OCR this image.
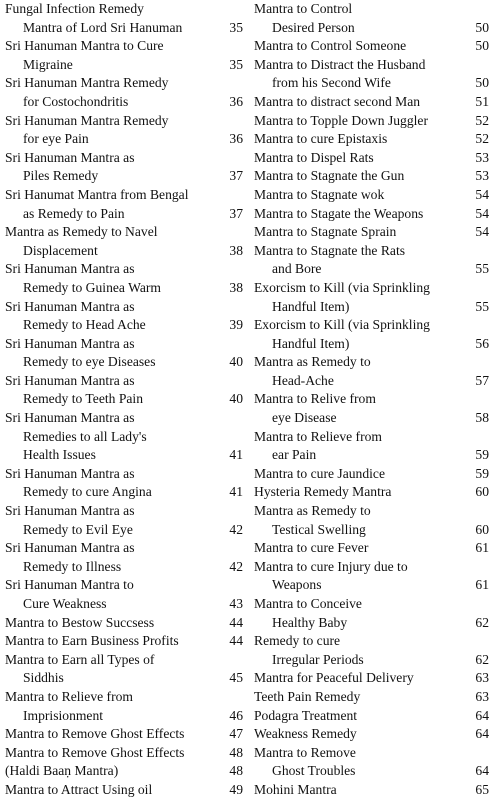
Fungal Infection Remedy
Mantra of Lord Sri Hanuman	35
Sri Hanuman Mantra to Cure
Migraine	35
Sri Hanuman Mantra Remedy
for Costochondritis	36
Sri Hanuman Mantra Remedy
for eye Pain	36
Sri Hanuman Mantra as
Piles Remedy	37
Sri Hanumat Mantra from Bengal
as Remedy to Pain	37
Mantra as Remedy to Navel
Displacement	38
Sri Hanuman Mantra as
Remedy to Guinea Warm	38
Sri Hanuman Mantra as
Remedy to Head Ache	39
Sri Hanuman Mantra as
Remedy to eye Diseases	40
Sri Hanuman Mantra as
Remedy to Teeth Pain	40
Sri Hanuman Mantra as
Remedies to all Lady's
Health Issues	41
Sri Hanuman Mantra as
Remedy to cure Angina	41
Sri Hanuman Mantra as
Remedy to Evil Eye	42
Sri Hanuman Mantra as
Remedy to Illness	42
Sri Hanuman Mantra to
Cure Weakness	43
Mantra to Bestow Succsess	44
Mantra to Earn Business Profits	44
Mantra to Earn all Types of
Siddhis	45
Mantra to Relieve from
Imprisionment	46
Mantra to Remove Ghost Effects	47
Mantra to Remove Ghost Effects	48
(Haldi Baaṇ Mantra)	48
Mantra to Attract Using oil	49
Mantra to Control
Desired Person	50
Mantra to Control Someone	50
Mantra to Distract the Husband
from his Second Wife	50
Mantra to distract second Man	51
Mantra to Topple Down Juggler	52
Mantra to cure Epistaxis	52
Mantra to Dispel Rats	53
Mantra to Stagnate the Gun	53
Mantra to Stagnate wok	54
Mantra to Stagate the Weapons	54
Mantra to Stagnate Sprain	54
Mantra to Stagnate the Rats
and Bore	55
Exorcism to Kill (via Sprinkling
Handful Item)	55
Exorcism to Kill (via Sprinkling
Handful Item)	56
Mantra as Remedy to
Head-Ache	57
Mantra to Relive from
eye Disease	58
Mantra to Relieve from
ear Pain	59
Mantra to cure Jaundice	59
Hysteria Remedy Mantra	60
Mantra as Remedy to
Testical Swelling	60
Mantra to cure Fever	61
Mantra to cure Injury due to
Weapons	61
Mantra to Conceive
Healthy Baby	62
Remedy to cure
Irregular Periods	62
Mantra for Peaceful Delivery	63
Teeth Pain Remedy	63
Podagra Treatment	64
Weakness Remedy	64
Mantra to Remove
Ghost Troubles	64
Mohini Mantra	65
